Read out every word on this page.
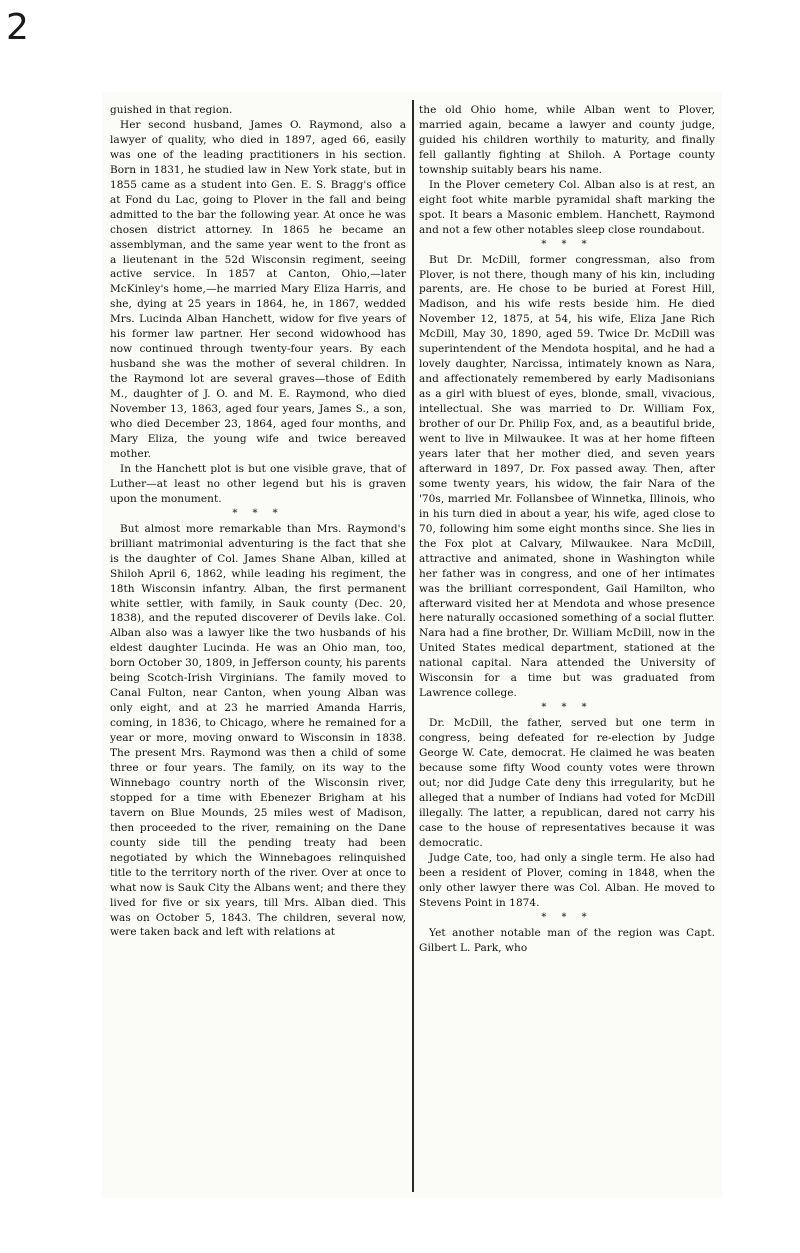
2

guished in that region.

Her second husband, James O. Raymond, also a lawyer of quality, who died in 1897, aged 66, easily was one of the leading practitioners in his section. Born in 1831, he studied law in New York state, but in 1855 came as a student into Gen. E. S. Bragg's office at Fond du Lac, going to Plover in the fall and being admitted to the bar the following year. At once he was chosen district attorney. In 1865 he became an assemblyman, and the same year went to the front as a lieutenant in the 52d Wisconsin regiment, seeing active service. In 1857 at Canton, Ohio,—later McKinley's home,—he married Mary Eliza Harris, and she, dying at 25 years in 1864, he, in 1867, wedded Mrs. Lucinda Alban Hanchett, widow for five years of his former law partner. Her second widowhood has now continued through twenty-four years. By each husband she was the mother of several children. In the Raymond lot are several graves—those of Edith M., daughter of J. O. and M. E. Raymond, who died November 13, 1863, aged four years, James S., a son, who died December 23, 1864, aged four months, and Mary Eliza, the young wife and twice bereaved mother.

In the Hanchett plot is but one visible grave, that of Luther—at least no other legend but his is graven upon the monument.

* * *

But almost more remarkable than Mrs. Raymond's brilliant matrimonial adventuring is the fact that she is the daughter of Col. James Shane Alban, killed at Shiloh April 6, 1862, while leading his regiment, the 18th Wisconsin infantry. Alban, the first permanent white settler, with family, in Sauk county (Dec. 20, 1838), and the reputed discoverer of Devils lake. Col. Alban also was a lawyer like the two husbands of his eldest daughter Lucinda. He was an Ohio man, too, born October 30, 1809, in Jefferson county, his parents being Scotch-Irish Virginians. The family moved to Canal Fulton, near Canton, when young Alban was only eight, and at 23 he married Amanda Harris, coming, in 1836, to Chicago, where he remained for a year or more, moving onward to Wisconsin in 1838. The present Mrs. Raymond was then a child of some three or four years. The family, on its way to the Winnebago country north of the Wisconsin river, stopped for a time with Ebenezer Brigham at his tavern on Blue Mounds, 25 miles west of Madison, then proceeded to the river, remaining on the Dane county side till the pending treaty had been negotiated by which the Winnebagoes relinquished title to the territory north of the river. Over at once to what now is Sauk City the Albans went; and there they lived for five or six years, till Mrs. Alban died. This was on October 5, 1843. The children, several now, were taken back and left with relations at

the old Ohio home, while Alban went to Plover, married again, became a lawyer and county judge, guided his children worthily to maturity, and finally fell gallantly fighting at Shiloh. A Portage county township suitably bears his name.

In the Plover cemetery Col. Alban also is at rest, an eight foot white marble pyramidal shaft marking the spot. It bears a Masonic emblem. Hanchett, Raymond and not a few other notables sleep close roundabout.

* * *

But Dr. McDill, former congressman, also from Plover, is not there, though many of his kin, including parents, are. He chose to be buried at Forest Hill, Madison, and his wife rests beside him. He died November 12, 1875, at 54, his wife, Eliza Jane Rich McDill, May 30, 1890, aged 59. Twice Dr. McDill was superintendent of the Mendota hospital, and he had a lovely daughter, Narcissa, intimately known as Nara, and affectionately remembered by early Madisonians as a girl with bluest of eyes, blonde, small, vivacious, intellectual. She was married to Dr. William Fox, brother of our Dr. Philip Fox, and, as a beautiful bride, went to live in Milwaukee. It was at her home fifteen years later that her mother died, and seven years afterward in 1897, Dr. Fox passed away. Then, after some twenty years, his widow, the fair Nara of the '70s, married Mr. Follansbee of Winnetka, Illinois, who in his turn died in about a year, his wife, aged close to 70, following him some eight months since. She lies in the Fox plot at Calvary, Milwaukee. Nara McDill, attractive and animated, shone in Washington while her father was in congress, and one of her intimates was the brilliant correspondent, Gail Hamilton, who afterward visited her at Mendota and whose presence here naturally occasioned something of a social flutter. Nara had a fine brother, Dr. William McDill, now in the United States medical department, stationed at the national capital. Nara attended the University of Wisconsin for a time but was graduated from Lawrence college.

* * *

Dr. McDill, the father, served but one term in congress, being defeated for re-election by Judge George W. Cate, democrat. He claimed he was beaten because some fifty Wood county votes were thrown out; nor did Judge Cate deny this irregularity, but he alleged that a number of Indians had voted for McDill illegally. The latter, a republican, dared not carry his case to the house of representatives because it was democratic.

Judge Cate, too, had only a single term. He also had been a resident of Plover, coming in 1848, when the only other lawyer there was Col. Alban. He moved to Stevens Point in 1874.

* * *

Yet another notable man of the region was Capt. Gilbert L. Park, who
